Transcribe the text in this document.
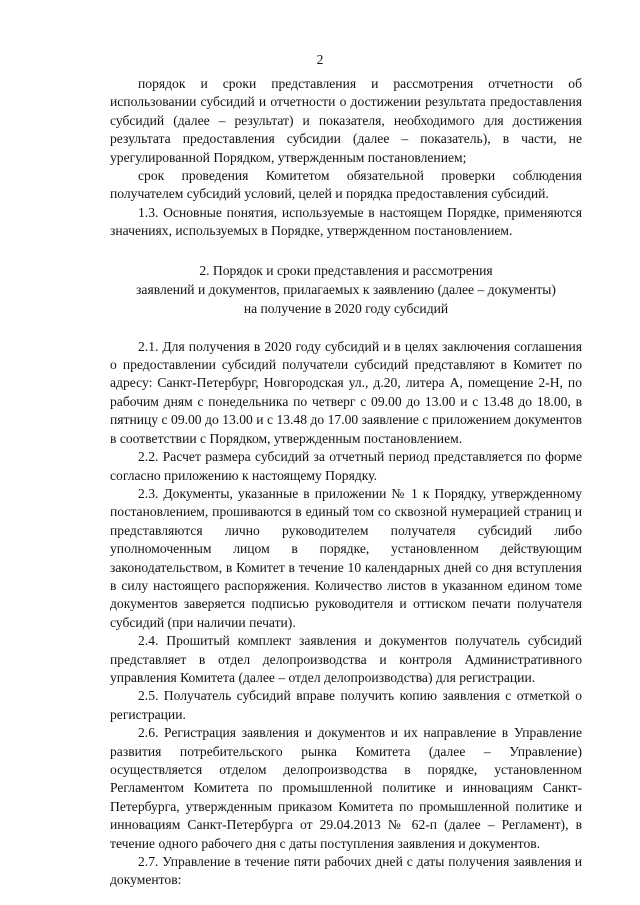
2

порядок и сроки представления и рассмотрения отчетности об использовании субсидий и отчетности о достижении результата предоставления субсидий (далее – результат) и показателя, необходимого для достижения результата предоставления субсидии (далее – показатель), в части, не урегулированной Порядком, утвержденным постановлением;

срок проведения Комитетом обязательной проверки соблюдения получателем субсидий условий, целей и порядка предоставления субсидий.

1.3. Основные понятия, используемые в настоящем Порядке, применяются значениях, используемых в Порядке, утвержденном постановлением.

2. Порядок и сроки представления и рассмотрения
заявлений и документов, прилагаемых к заявлению (далее – документы)
на получение в 2020 году субсидий

2.1. Для получения в 2020 году субсидий и в целях заключения соглашения о предоставлении субсидий получатели субсидий представляют в Комитет по адресу: Санкт-Петербург, Новгородская ул., д.20, литера А, помещение 2-Н, по рабочим дням с понедельника по четверг с 09.00 до 13.00 и с 13.48 до 18.00, в пятницу с 09.00 до 13.00 и с 13.48 до 17.00 заявление с приложением документов в соответствии с Порядком, утвержденным постановлением.

2.2. Расчет размера субсидий за отчетный период представляется по форме согласно приложению к настоящему Порядку.

2.3. Документы, указанные в приложении № 1 к Порядку, утвержденному постановлением, прошиваются в единый том со сквозной нумерацией страниц и представляются лично руководителем получателя субсидий либо уполномоченным лицом в порядке, установленном действующим законодательством, в Комитет в течение 10 календарных дней со дня вступления в силу настоящего распоряжения. Количество листов в указанном едином томе документов заверяется подписью руководителя и оттиском печати получателя субсидий (при наличии печати).

2.4. Прошитый комплект заявления и документов получатель субсидий представляет в отдел делопроизводства и контроля Административного управления Комитета (далее – отдел делопроизводства) для регистрации.

2.5. Получатель субсидий вправе получить копию заявления с отметкой о регистрации.

2.6. Регистрация заявления и документов и их направление в Управление развития потребительского рынка Комитета (далее – Управление) осуществляется отделом делопроизводства в порядке, установленном Регламентом Комитета по промышленной политике и инновациям Санкт-Петербурга, утвержденным приказом Комитета по промышленной политике и инновациям Санкт-Петербурга от 29.04.2013 № 62-п (далее – Регламент), в течение одного рабочего дня с даты поступления заявления и документов.

2.7. Управление в течение пяти рабочих дней с даты получения заявления и документов:
